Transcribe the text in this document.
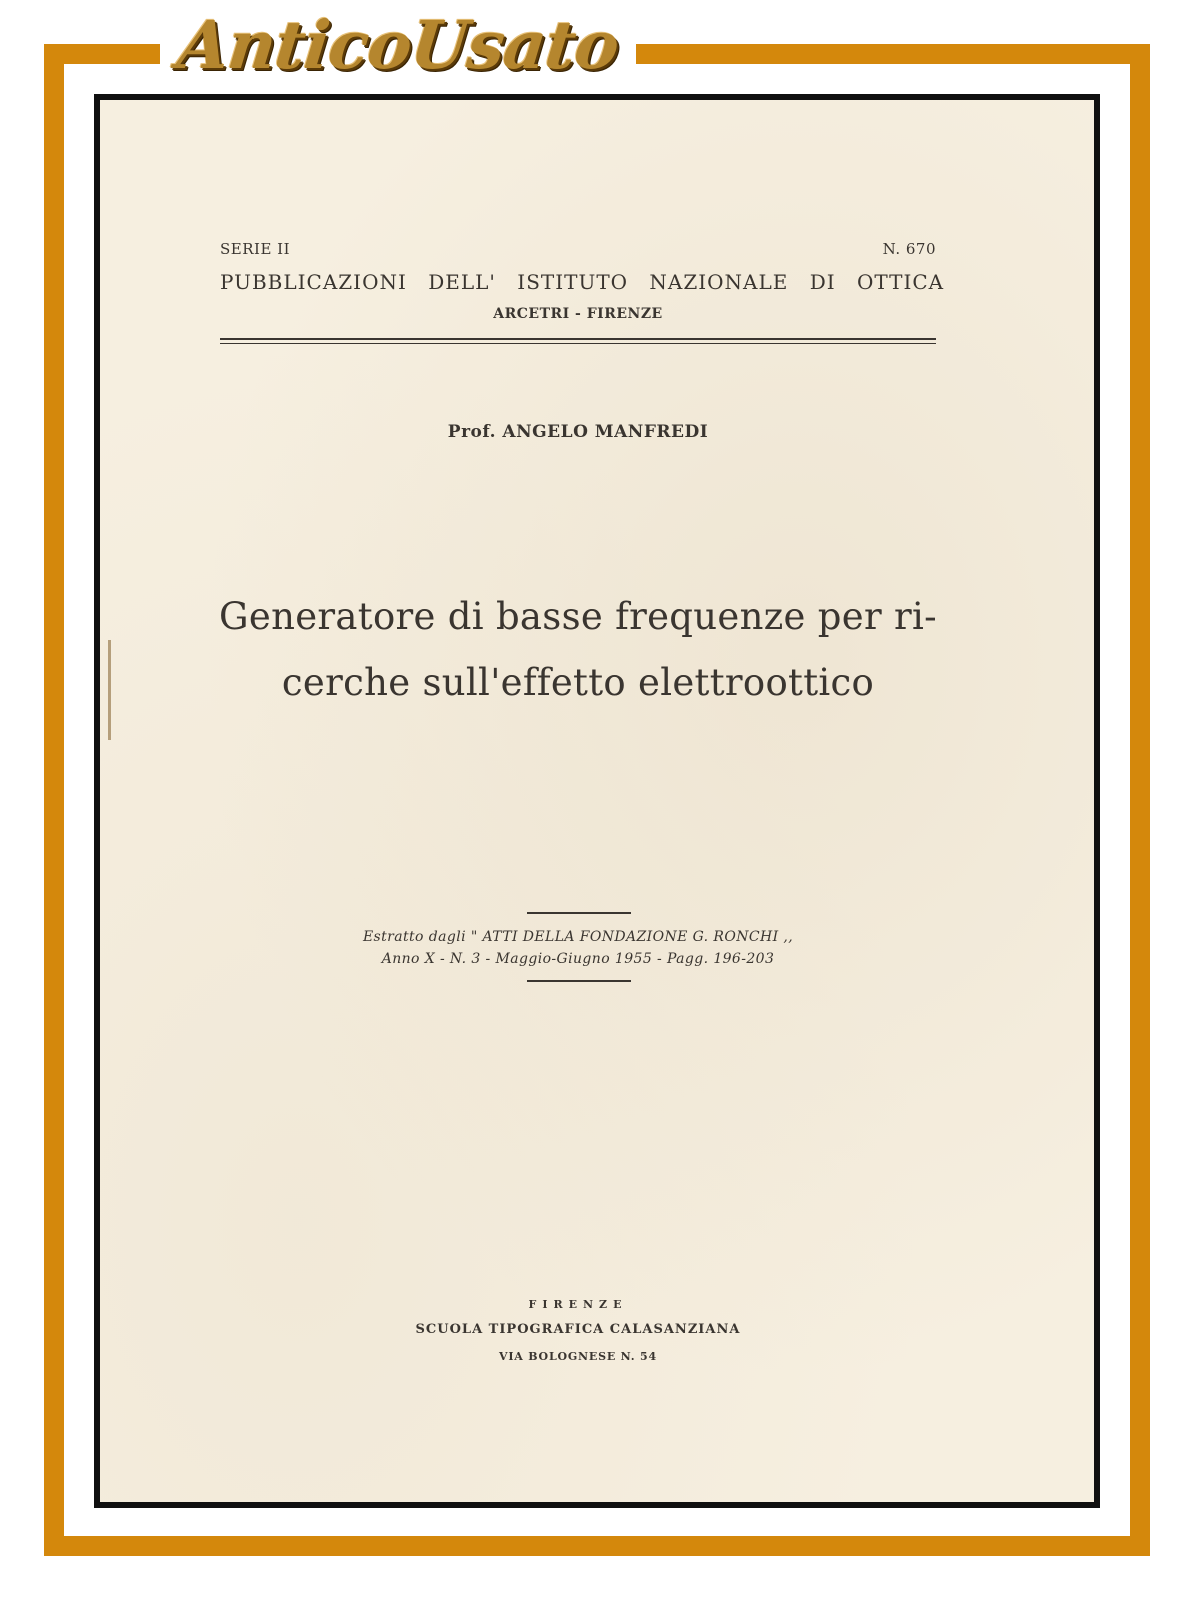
AnticoUsato
SERIE II	N. 670
PUBBLICAZIONI DELL' ISTITUTO NAZIONALE DI OTTICA
ARCETRI - FIRENZE
Prof. ANGELO MANFREDI
Generatore di basse frequenze per ri-
cerche sull'effetto elettroottico
Estratto dagli " ATTI DELLA FONDAZIONE G. RONCHI ,,
Anno X - N. 3 - Maggio-Giugno 1955 - Pagg. 196-203
FIRENZE
SCUOLA TIPOGRAFICA CALASANZIANA
VIA BOLOGNESE N. 54
